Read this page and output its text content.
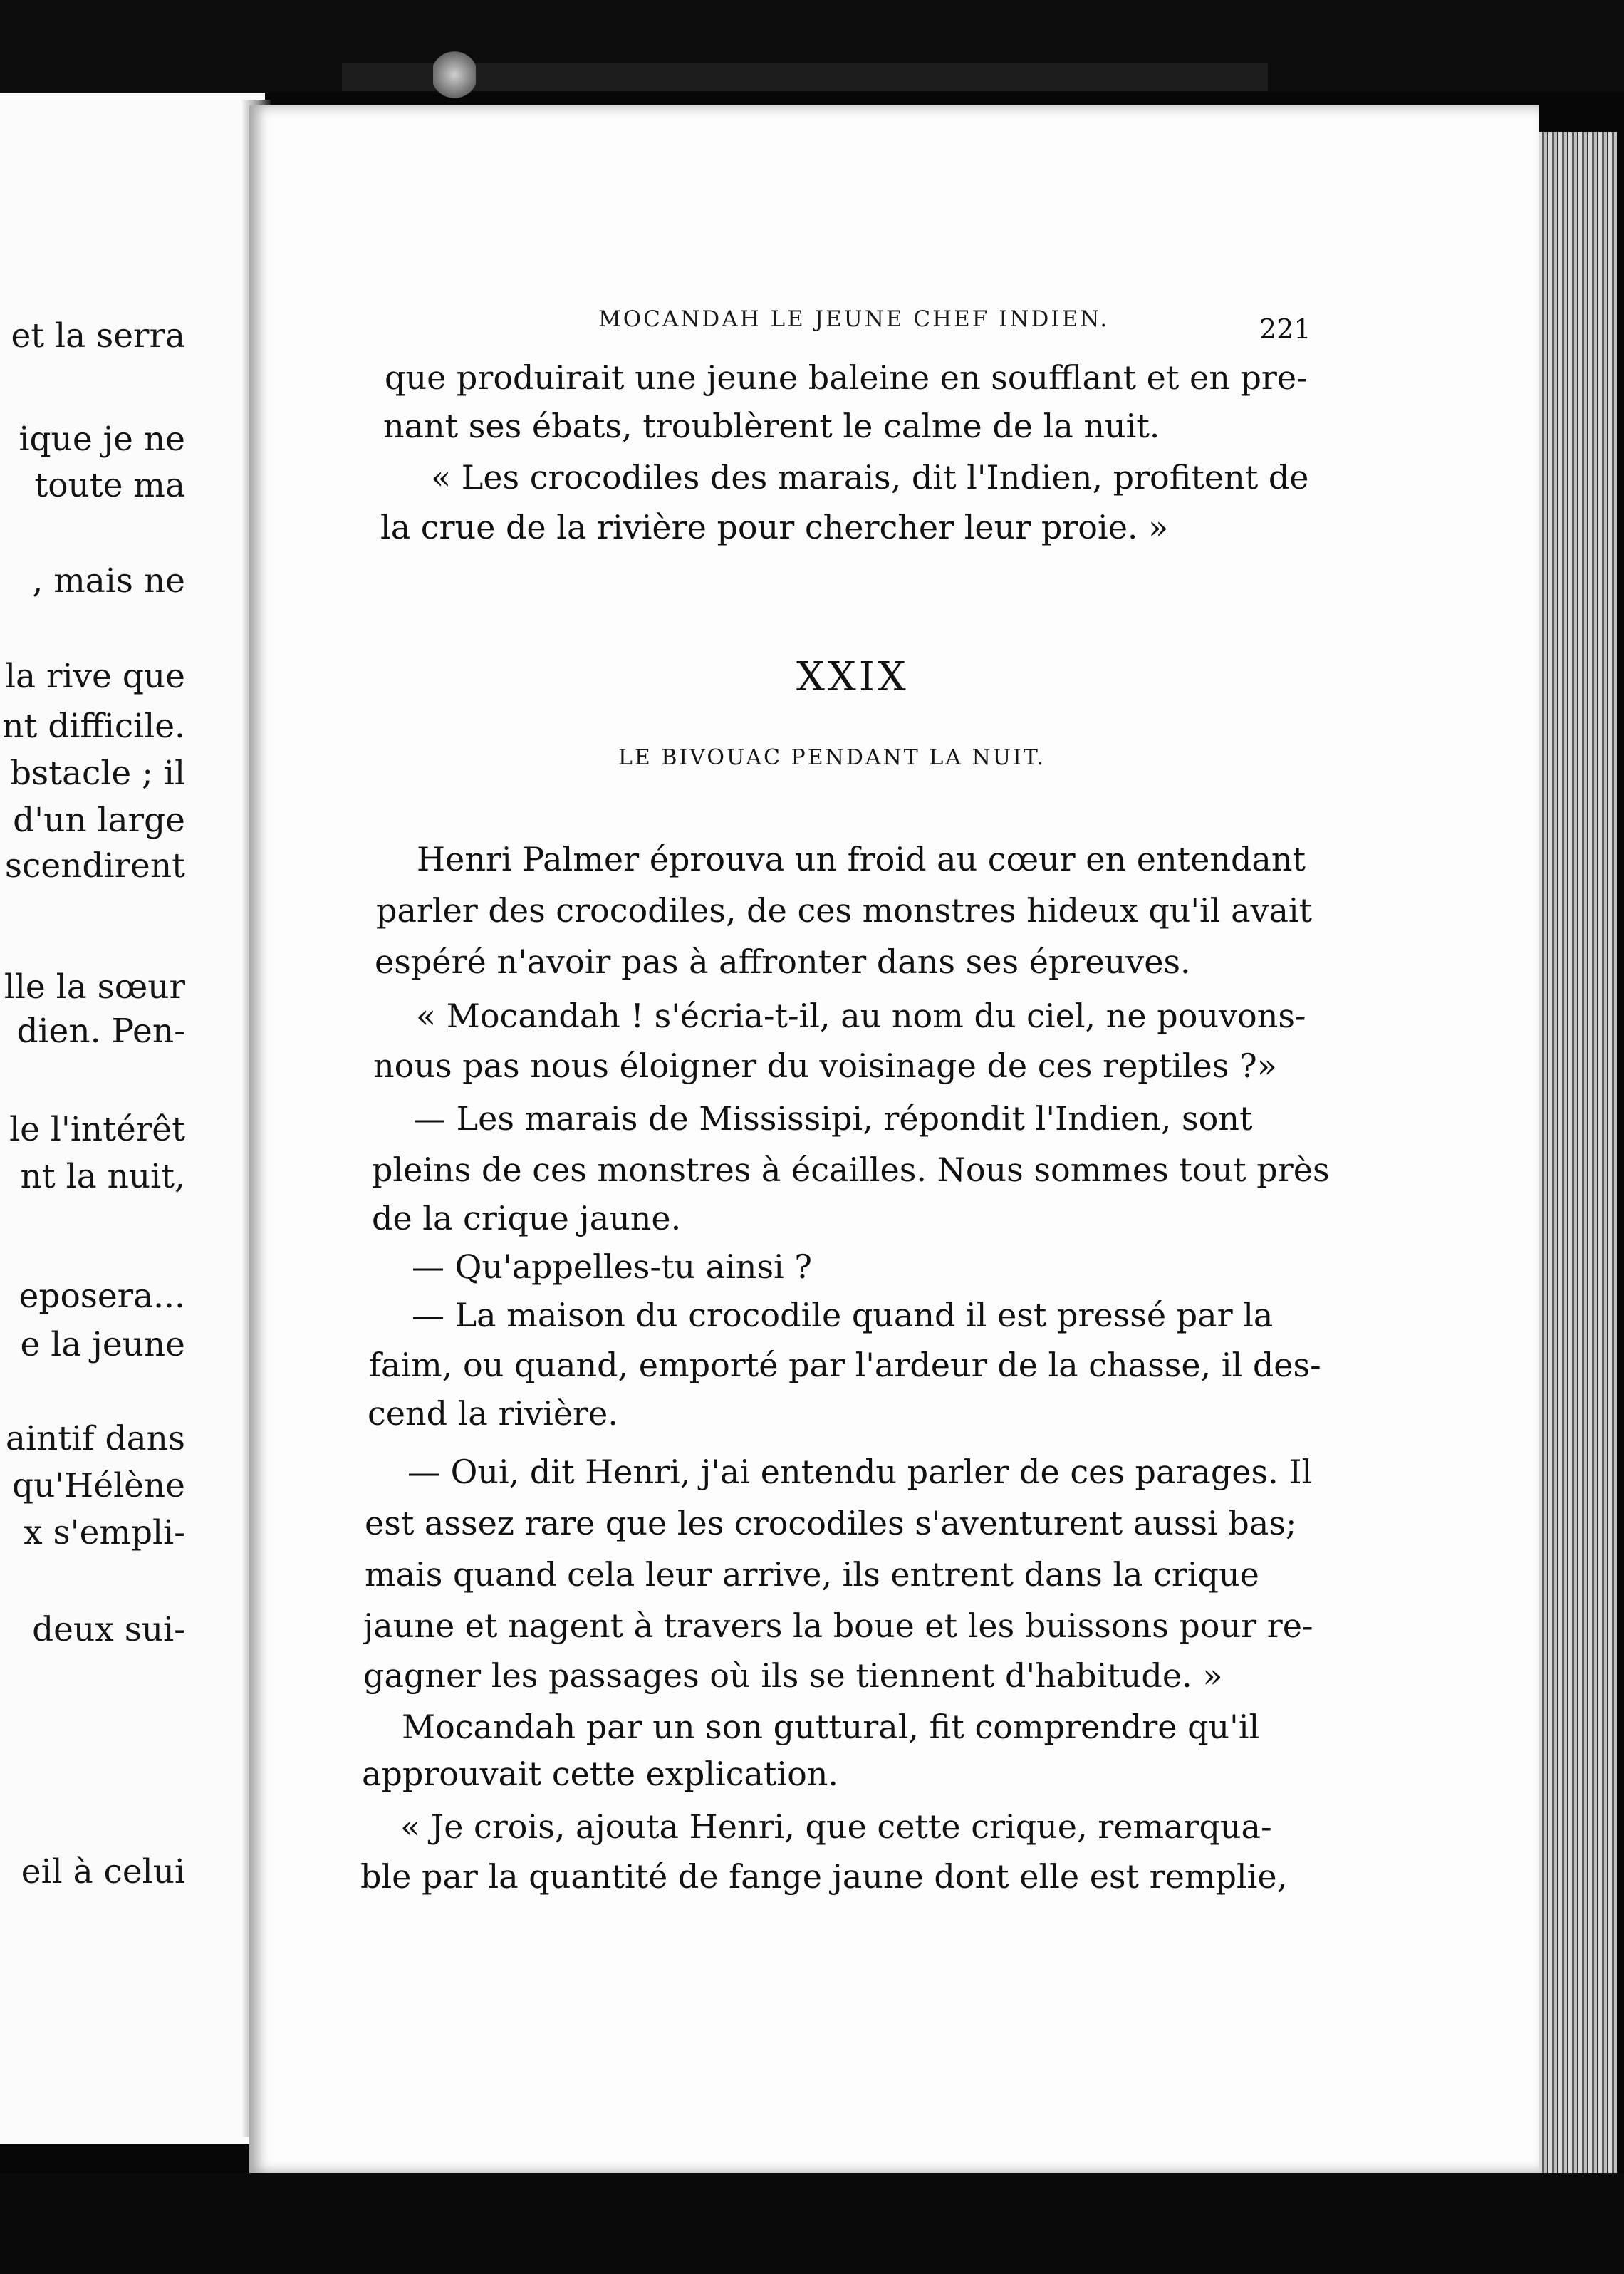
et la serra
ique je ne
toute ma
, mais ne
la rive que
nt difficile.
bstacle ; il
d'un large
scendirent
lle la sœur
dien. Pen-
le l'intérêt
nt la nuit,
eposera...
e la jeune
aintif dans
qu'Hélène
x s'empli-
deux sui-
eil à celui
MOCANDAH LE JEUNE CHEF INDIEN.	221
que produirait une jeune baleine en soufflant et en pre-
nant ses ébats, troublèrent le calme de la nuit.
« Les crocodiles des marais, dit l'Indien, profitent de
la crue de la rivière pour chercher leur proie. »
XXIX
LE BIVOUAC PENDANT LA NUIT.
Henri Palmer éprouva un froid au cœur en entendant
parler des crocodiles, de ces monstres hideux qu'il avait
espéré n'avoir pas à affronter dans ses épreuves.
« Mocandah ! s'écria-t-il, au nom du ciel, ne pouvons-
nous pas nous éloigner du voisinage de ces reptiles ?»
— Les marais de Mississipi, répondit l'Indien, sont
pleins de ces monstres à écailles. Nous sommes tout près
de la crique jaune.
— Qu'appelles-tu ainsi ?
— La maison du crocodile quand il est pressé par la
faim, ou quand, emporté par l'ardeur de la chasse, il des-
cend la rivière.
— Oui, dit Henri, j'ai entendu parler de ces parages. Il
est assez rare que les crocodiles s'aventurent aussi bas;
mais quand cela leur arrive, ils entrent dans la crique
jaune et nagent à travers la boue et les buissons pour re-
gagner les passages où ils se tiennent d'habitude. »
Mocandah par un son guttural, fit comprendre qu'il
approuvait cette explication.
« Je crois, ajouta Henri, que cette crique, remarqua-
ble par la quantité de fange jaune dont elle est remplie,
